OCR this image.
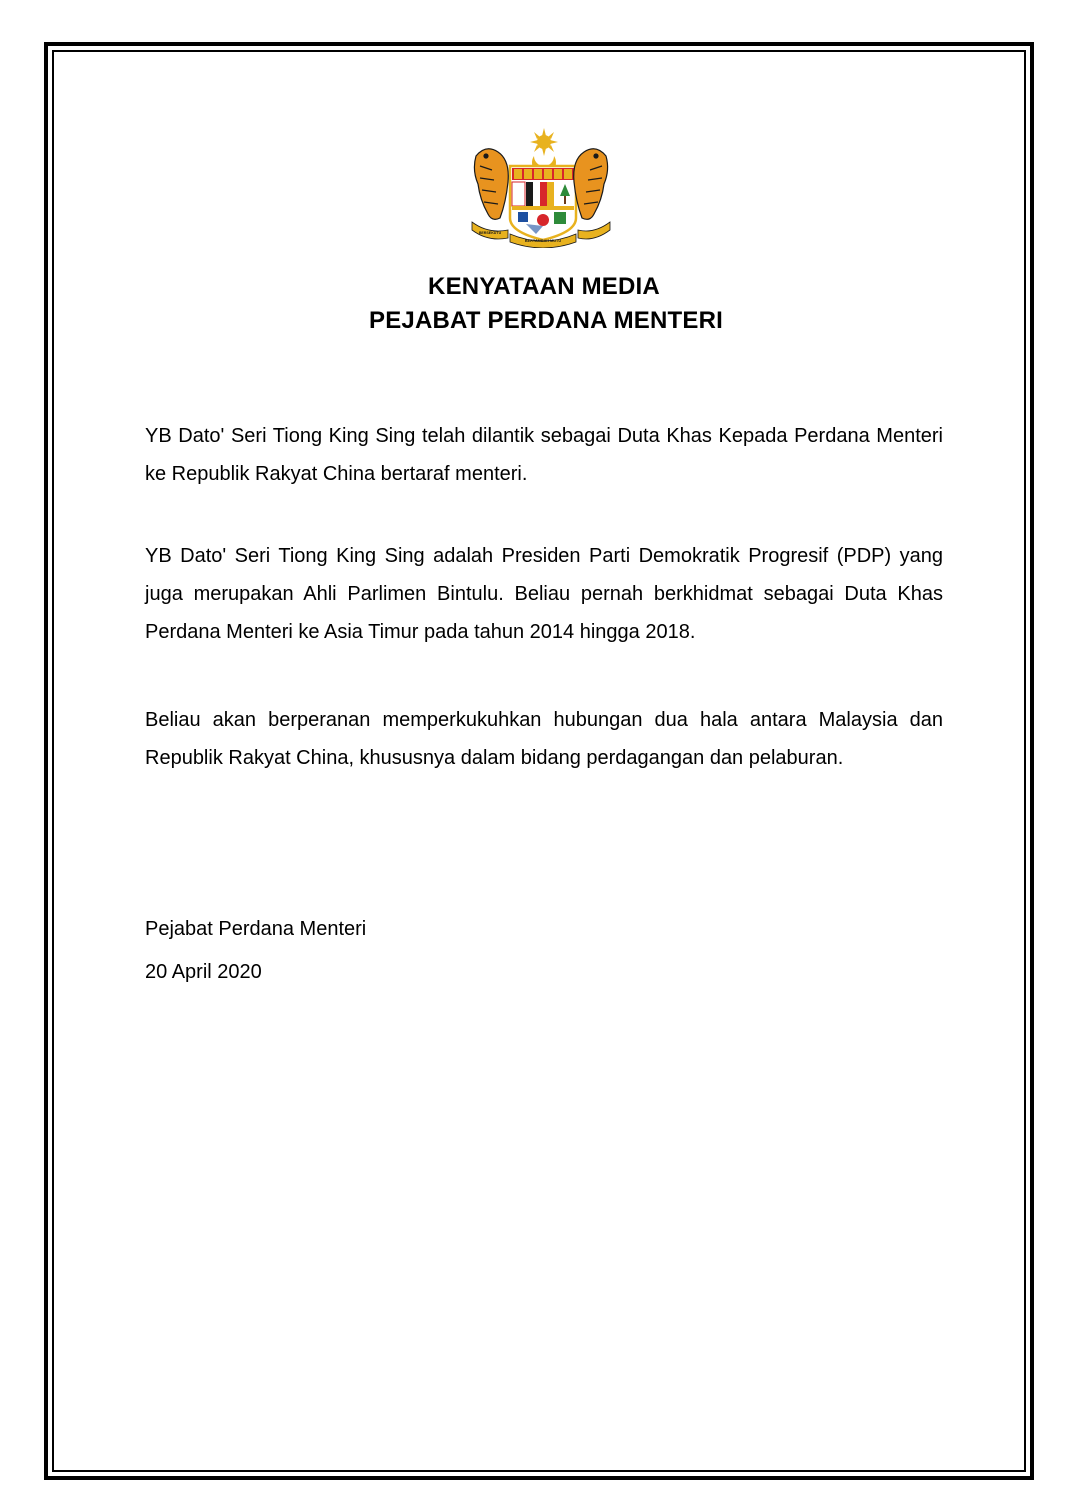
BERSEKUTU
BERTAMBAH MUTU
KENYATAAN MEDIA
PEJABAT PERDANA MENTERI

YB Dato' Seri Tiong King Sing telah dilantik sebagai Duta Khas Kepada Perdana Menteri ke Republik Rakyat China bertaraf menteri.

YB Dato' Seri Tiong King Sing adalah Presiden Parti Demokratik Progresif (PDP) yang juga merupakan Ahli Parlimen Bintulu. Beliau pernah berkhidmat sebagai Duta Khas Perdana Menteri ke Asia Timur pada tahun 2014 hingga 2018.

Beliau akan berperanan memperkukuhkan hubungan dua hala antara Malaysia dan Republik Rakyat China, khususnya dalam bidang perdagangan dan pelaburan.

Pejabat Perdana Menteri
20 April 2020
